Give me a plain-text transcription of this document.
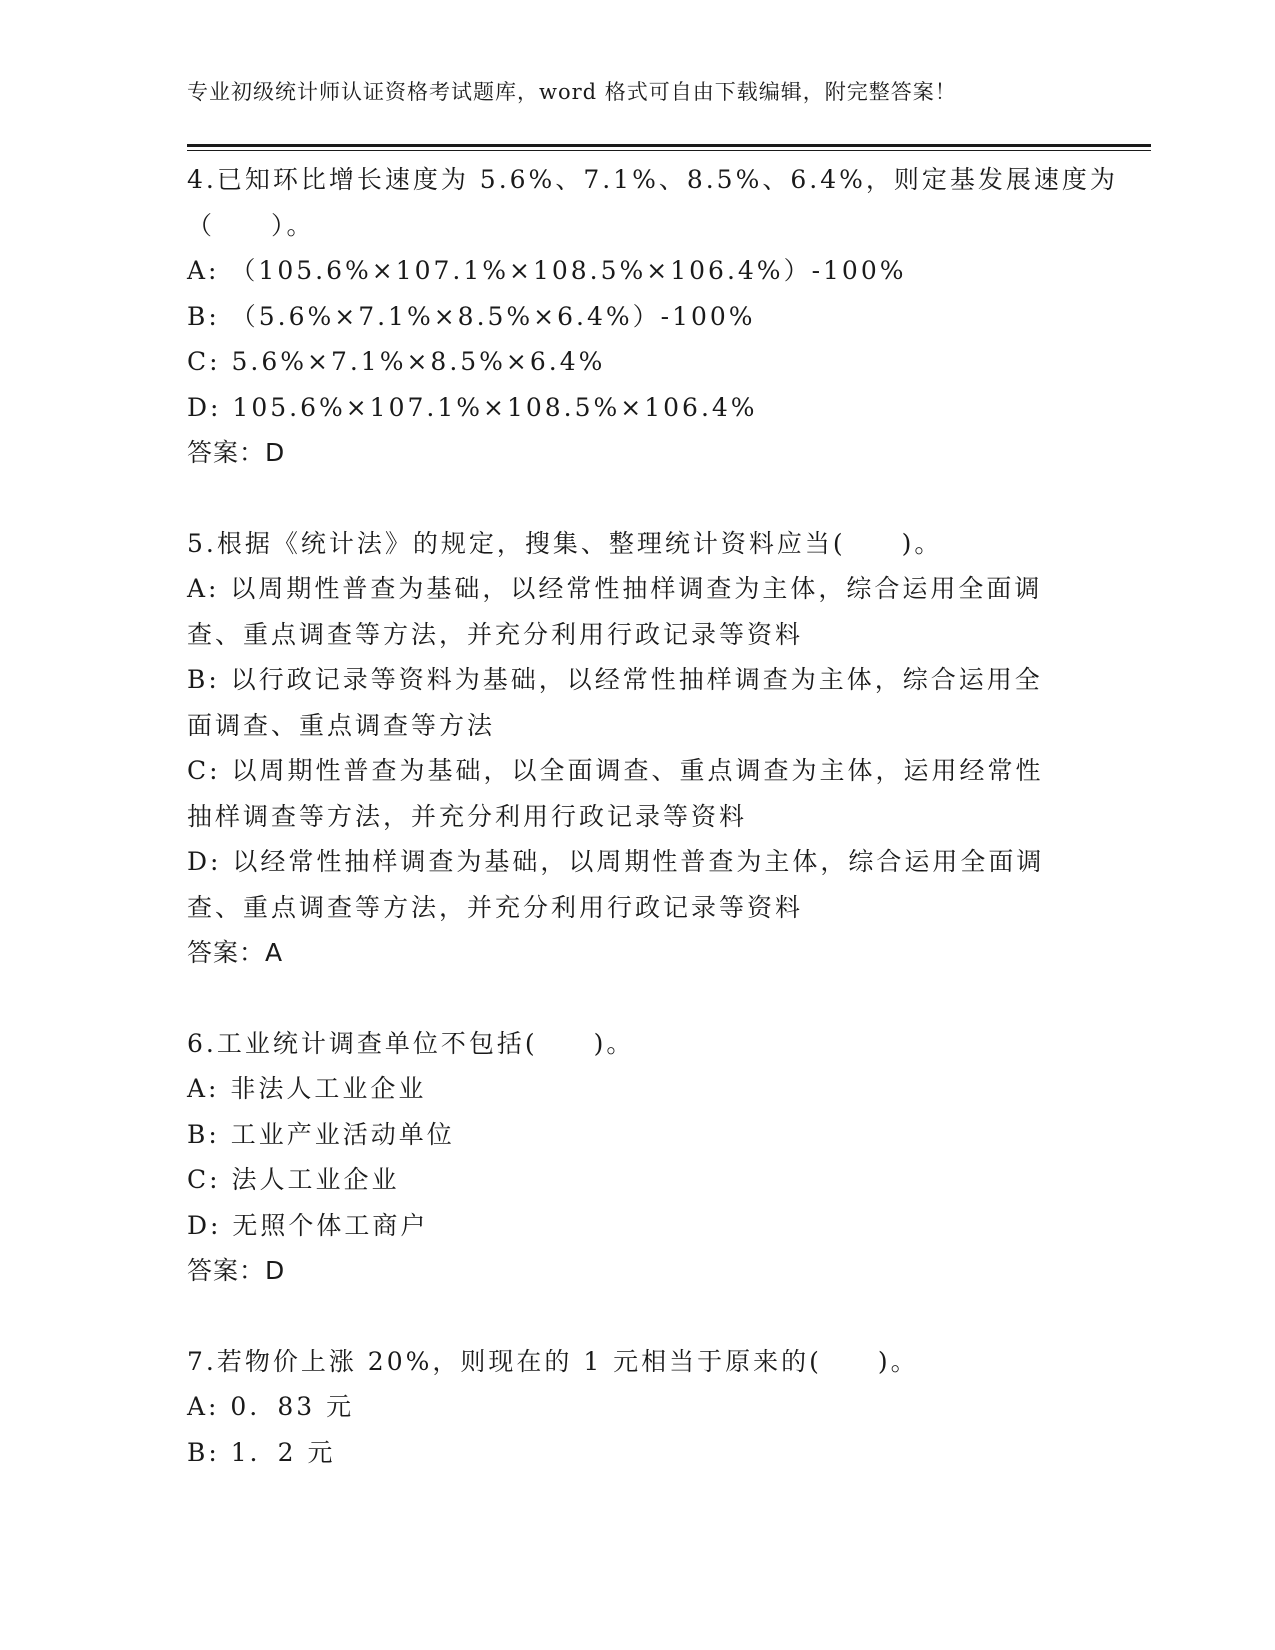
专业初级统计师认证资格考试题库，word 格式可自由下载编辑，附完整答案！
4.已知环比增长速度为 5.6%、7.1%、8.5%、6.4%，则定基发展速度为
（　　）。
A: （105.6%×107.1%×108.5%×106.4%）-100%
B: （5.6%×7.1%×8.5%×6.4%）-100%
C: 5.6%×7.1%×8.5%×6.4%
D: 105.6%×107.1%×108.5%×106.4%
答案：D
5.根据《统计法》的规定，搜集、整理统计资料应当(　　)。
A: 以周期性普查为基础，以经常性抽样调查为主体，综合运用全面调
查、重点调查等方法，并充分利用行政记录等资料
B: 以行政记录等资料为基础，以经常性抽样调查为主体，综合运用全
面调查、重点调查等方法
C: 以周期性普查为基础，以全面调查、重点调查为主体，运用经常性
抽样调查等方法，并充分利用行政记录等资料
D: 以经常性抽样调查为基础，以周期性普查为主体，综合运用全面调
查、重点调查等方法，并充分利用行政记录等资料
答案：A
6.工业统计调查单位不包括(　　)。
A: 非法人工业企业
B: 工业产业活动单位
C: 法人工业企业
D: 无照个体工商户
答案：D
7.若物价上涨 20%，则现在的 1 元相当于原来的(　　)。
A: 0．83 元
B: 1．2 元
